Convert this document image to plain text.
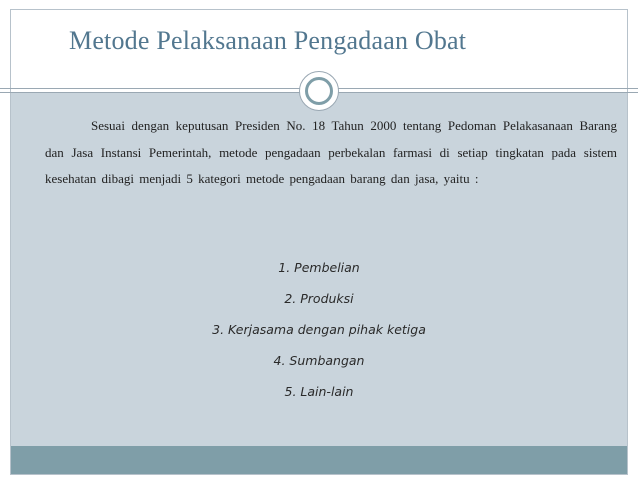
Metode Pelaksanaan Pengadaan Obat

Sesuai dengan keputusan Presiden No. 18 Tahun 2000 tentang Pedoman Pelakasanaan Barang dan Jasa Instansi Pemerintah, metode pengadaan perbekalan farmasi di setiap tingkatan pada sistem kesehatan dibagi menjadi 5 kategori metode pengadaan barang dan jasa, yaitu :

1. Pembelian
2. Produksi
3. Kerjasama dengan pihak ketiga
4. Sumbangan
5. Lain-lain
